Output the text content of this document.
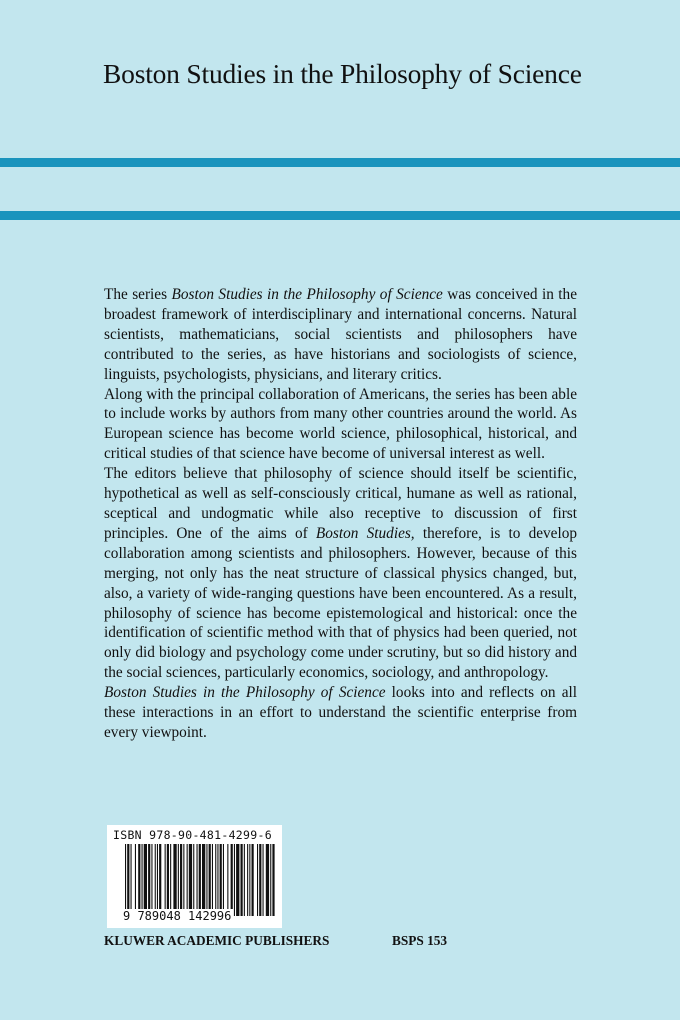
Boston Studies in the Philosophy of Science

The series Boston Studies in the Philosophy of Science was conceived in the broadest framework of interdisciplinary and international concerns. Natural scientists, mathematicians, social scientists and philosophers have contributed to the series, as have historians and sociologists of science, linguists, psychologists, physicians, and literary critics.

Along with the principal collaboration of Americans, the series has been able to include works by authors from many other countries around the world. As European science has become world science, philosophical, historical, and critical studies of that science have become of universal interest as well.

The editors believe that philosophy of science should itself be scientific, hypothetical as well as self-consciously critical, humane as well as rational, sceptical and undogmatic while also receptive to discussion of first principles. One of the aims of Boston Studies, therefore, is to develop collaboration among scientists and philosophers. However, because of this merging, not only has the neat structure of classical physics changed, but, also, a variety of wide-ranging questions have been encountered. As a result, philosophy of science has become epistemological and historical: once the identification of scientific method with that of physics had been queried, not only did biology and psychology come under scrutiny, but so did history and the social sciences, particularly economics, sociology, and anthropology.

Boston Studies in the Philosophy of Science looks into and reflects on all these interactions in an effort to understand the scientific enterprise from every viewpoint.

ISBN 978-90-481-4299-6
9 789048 142996
KLUWER ACADEMIC PUBLISHERS	BSPS 153
